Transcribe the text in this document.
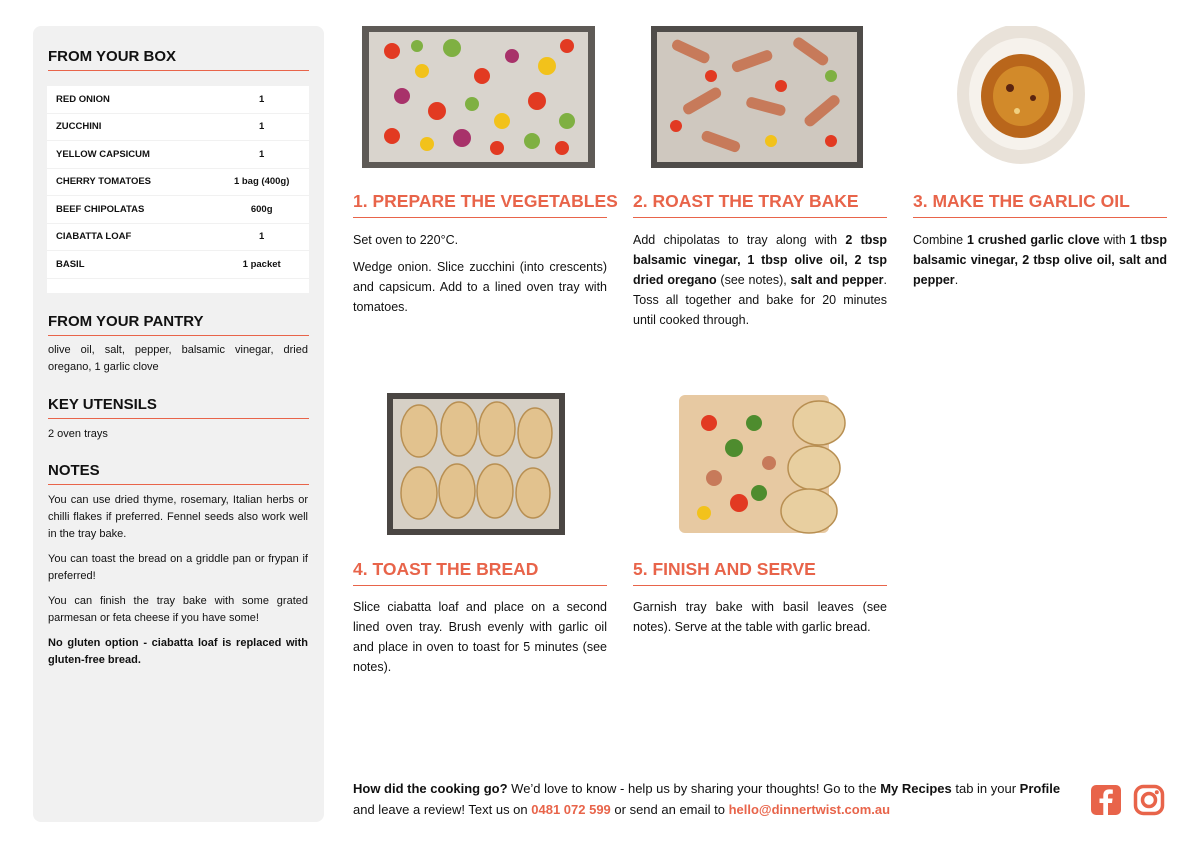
FROM YOUR BOX
RED ONION	1
ZUCCHINI	1
YELLOW CAPSICUM	1
CHERRY TOMATOES	1 bag (400g)
BEEF CHIPOLATAS	600g
CIABATTA LOAF	1
BASIL	1 packet
FROM YOUR PANTRY
olive oil, salt, pepper, balsamic vinegar, dried oregano, 1 garlic clove
KEY UTENSILS
2 oven trays
NOTES

You can use dried thyme, rosemary, Italian herbs or chilli flakes if preferred. Fennel seeds also work well in the tray bake.

You can toast the bread on a griddle pan or frypan if preferred!

You can finish the tray bake with some grated parmesan or feta cheese if you have some!

No gluten option - ciabatta loaf is replaced with gluten-free bread.

1. PREPARE THE VEGETABLES

Set oven to 220°C.

Wedge onion. Slice zucchini (into crescents) and capsicum. Add to a lined oven tray with tomatoes.

2. ROAST THE TRAY BAKE

Add chipolatas to tray along with 2 tbsp balsamic vinegar, 1 tbsp olive oil, 2 tsp dried oregano (see notes), salt and pepper. Toss all together and bake for 20 minutes until cooked through.

3. MAKE THE GARLIC OIL

Combine 1 crushed garlic clove with 1 tbsp balsamic vinegar, 2 tbsp olive oil, salt and pepper.

4. TOAST THE BREAD

Slice ciabatta loaf and place on a second lined oven tray. Brush evenly with garlic oil and place in oven to toast for 5 minutes (see notes).

5. FINISH AND SERVE

Garnish tray bake with basil leaves (see notes). Serve at the table with garlic bread.

How did the cooking go? We’d love to know - help us by sharing your thoughts! Go to the My Recipes tab in your Profile and leave a review! Text us on 0481 072 599 or send an email to hello@dinnertwist.com.au
